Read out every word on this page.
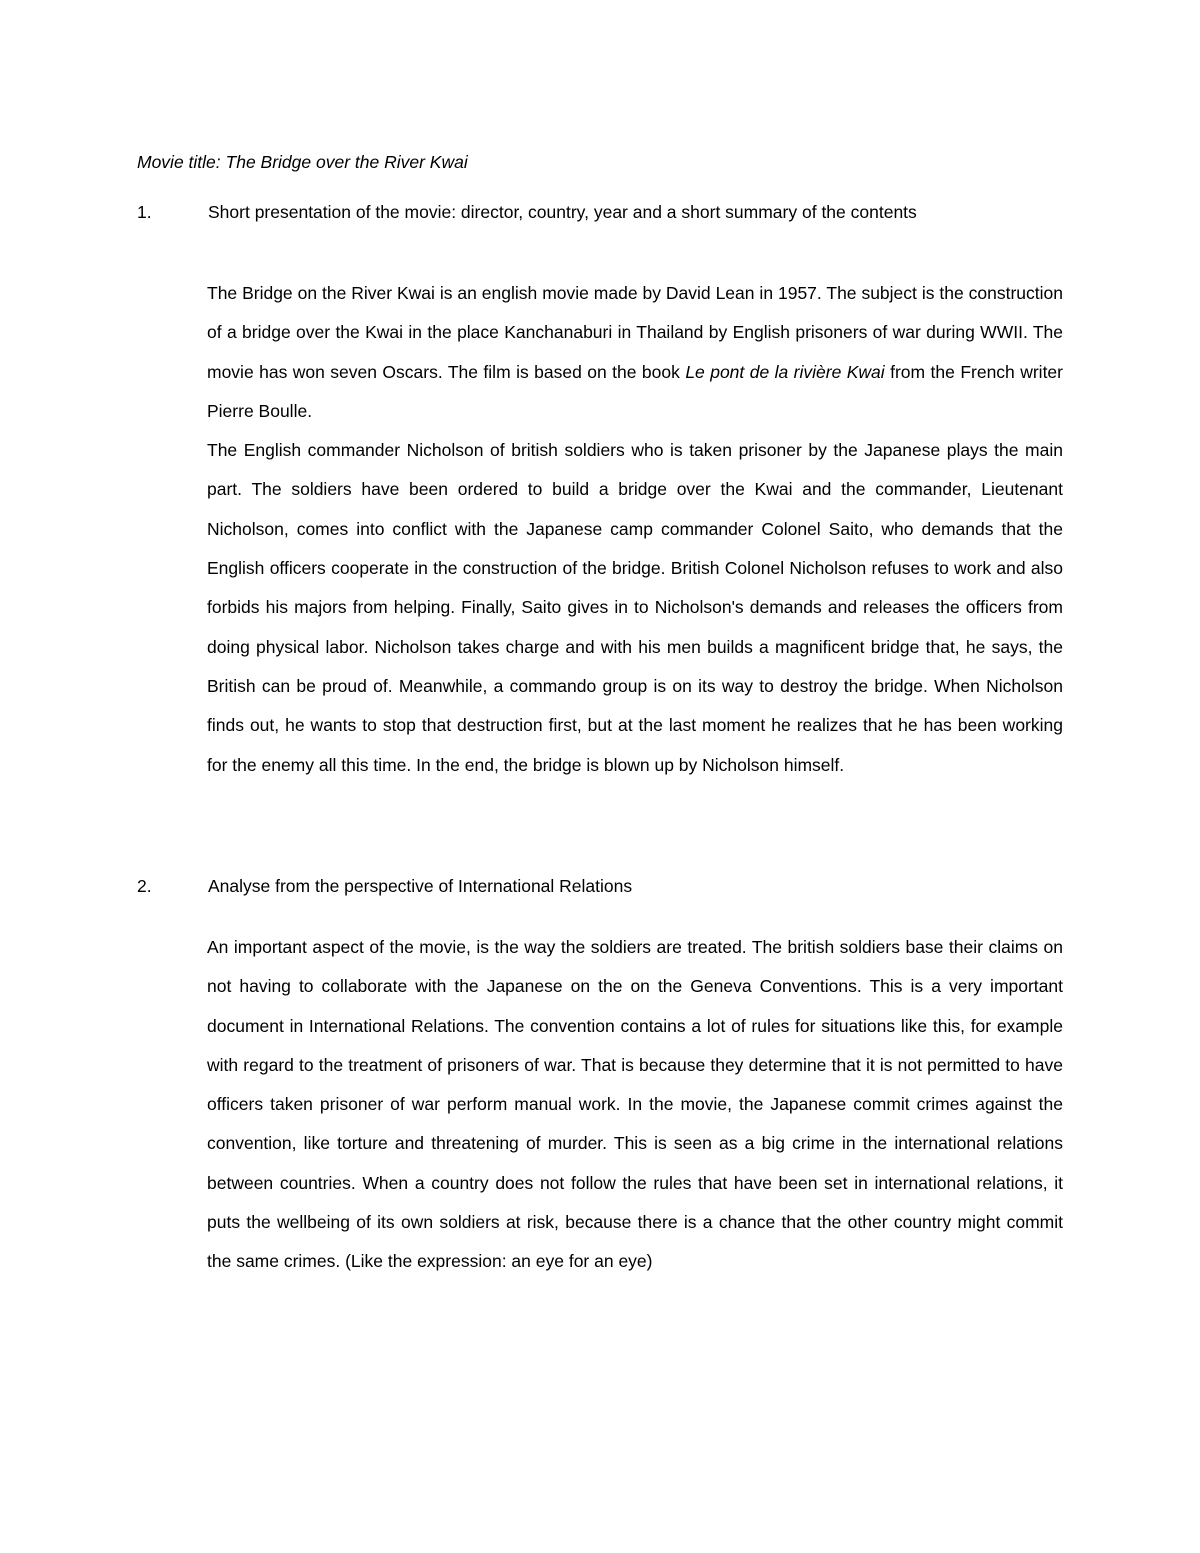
Movie title: The Bridge over the River Kwai
1.	Short presentation of the movie: director, country, year and a short summary of the contents

The Bridge on the River Kwai is an english movie made by David Lean in 1957. The subject is the construction of a bridge over the Kwai in the place Kanchanaburi in Thailand by English prisoners of war during WWII. The movie has won seven Oscars. The film is based on the book Le pont de la rivière Kwai from the French writer Pierre Boulle.

The English commander Nicholson of british soldiers who is taken prisoner by the Japanese plays the main part. The soldiers have been ordered to build a bridge over the Kwai and the commander, Lieutenant Nicholson, comes into conflict with the Japanese camp commander Colonel Saito, who demands that the English officers cooperate in the construction of the bridge. British Colonel Nicholson refuses to work and also forbids his majors from helping. Finally, Saito gives in to Nicholson's demands and releases the officers from doing physical labor. Nicholson takes charge and with his men builds a magnificent bridge that, he says, the British can be proud of. Meanwhile, a commando group is on its way to destroy the bridge. When Nicholson finds out, he wants to stop that destruction first, but at the last moment he realizes that he has been working for the enemy all this time. In the end, the bridge is blown up by Nicholson himself.

2.	Analyse from the perspective of International Relations

An important aspect of the movie, is the way the soldiers are treated. The british soldiers base their claims on not having to collaborate with the Japanese on the on the Geneva Conventions. This is a very important document in International Relations. The convention contains a lot of rules for situations like this, for example with regard to the treatment of prisoners of war. That is because they determine that it is not permitted to have officers taken prisoner of war perform manual work. In the movie, the Japanese commit crimes against the convention, like torture and threatening of murder. This is seen as a big crime in the international relations between countries. When a country does not follow the rules that have been set in international relations, it puts the wellbeing of its own soldiers at risk, because there is a chance that the other country might commit the same crimes. (Like the expression: an eye for an eye)
